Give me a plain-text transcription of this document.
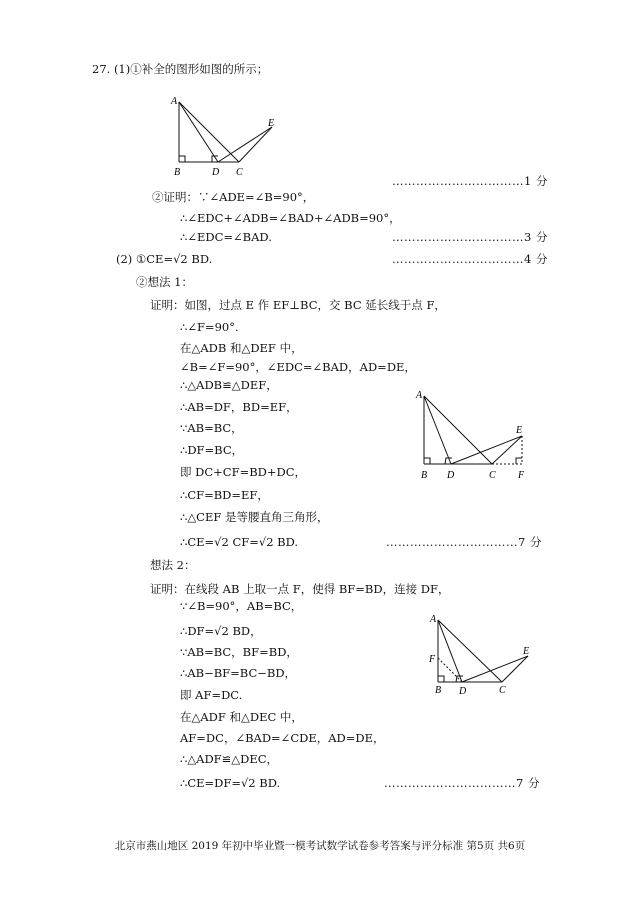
27. (1)①补全的图形如图的所示；
A
B	D C
E
……………………………1 分
②证明：∵∠ADE=∠B=90°，
∴∠EDC+∠ADB=∠BAD+∠ADB=90°，
∴∠EDC=∠BAD.	……………………………3 分
(2) ①CE=√2 BD.	……………………………4 分
②想法 1：
证明：如图，过点 E 作 EF⊥BC，交 BC 延长线于点 F，
∴∠F=90°.
在△ADB 和△DEF 中，
∠B=∠F=90°，∠EDC=∠BAD，AD=DE，
∴△ADB≌△DEF，
∴AB=DF，BD=EF，
∵AB=BC，
∴DF=BC，
即 DC+CF=BD+DC，
∴CF=BD=EF，
∴△CEF 是等腰直角三角形，
∴CE=√2 CF=√2 BD.	……………………………7 分
A
B D	C
E
F
想法 2：
证明：在线段 AB 上取一点 F，使得 BF=BD，连接 DF，
∵∠B=90°，AB=BC，
∴DF=√2 BD，
∵AB=BC，BF=BD，
∴AB−BF=BC−BD，
即 AF=DC.
在△ADF 和△DEC 中，
AF=DC，∠BAD=∠CDE，AD=DE，
∴△ADF≌△DEC，
∴CE=DF=√2 BD.	……………………………7 分
A
B D	C
E
F
北京市燕山地区 2019 年初中毕业暨一模考试数学试卷参考答案与评分标准 第5页 共6页
